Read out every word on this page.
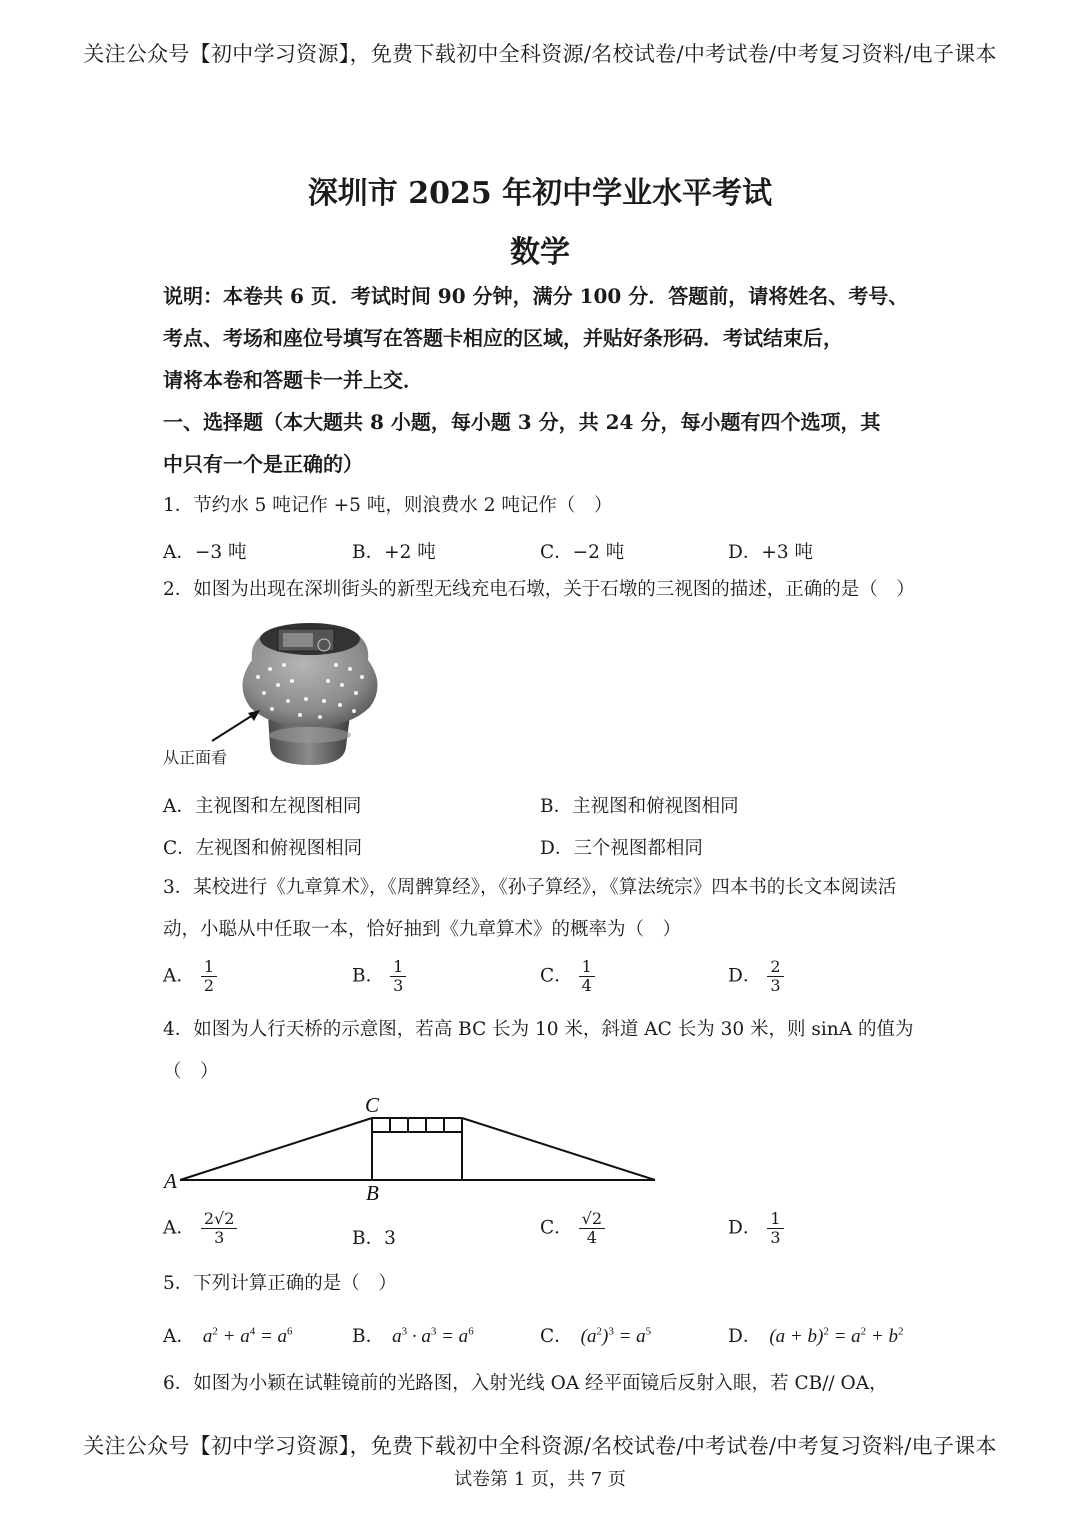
关注公众号【初中学习资源】，免费下载初中全科资源/名校试卷/中考试卷/中考复习资料/电子课本
深圳市 2025 年初中学业水平考试
数学
说明：本卷共 6 页．考试时间 90 分钟，满分 100 分．答题前，请将姓名、考号、
考点、考场和座位号填写在答题卡相应的区域，并贴好条形码．考试结束后，
请将本卷和答题卡一并上交．
一、选择题（本大题共 8 小题，每小题 3 分，共 24 分，每小题有四个选项，其
中只有一个是正确的）
1．节约水 5 吨记作 +5 吨，则浪费水 2 吨记作（　）
A．−3 吨	B．+2 吨	C．−2 吨	D．+3 吨
2．如图为出现在深圳街头的新型无线充电石墩，关于石墩的三视图的描述，正确的是（　）
从正面看
A．主视图和左视图相同	B．主视图和俯视图相同
C．左视图和俯视图相同	D．三个视图都相同
3．某校进行《九章算术》，《周髀算经》，《孙子算经》，《算法统宗》四本书的长文本阅读活
动，小聪从中任取一本，恰好抽到《九章算术》的概率为（　）
A． $\frac{1}{2}$	B． $\frac{1}{3}$	C． $\frac{1}{4}$	D． $\frac{2}{3}$
4．如图为人行天桥的示意图，若高 BC 长为 10 米，斜道 AC 长为 30 米，则 sinA 的值为
（　）
A	B
C
A． $\frac{2√2}{3}$	B．3	C． $\frac{√2}{4}$	D． $\frac{1}{3}$
5．下列计算正确的是（　）
A． $a^2 + a^4 = a^6$	B． $a^3 \cdot a^3 = a^6$	C． $(a^2)^3 = a^5$	D． $(a + b)^2 = a^2 + b^2$
6．如图为小颖在试鞋镜前的光路图，入射光线 OA 经平面镜后反射入眼，若 CB// OA，
关注公众号【初中学习资源】，免费下载初中全科资源/名校试卷/中考试卷/中考复习资料/电子课本
试卷第 1 页，共 7 页
